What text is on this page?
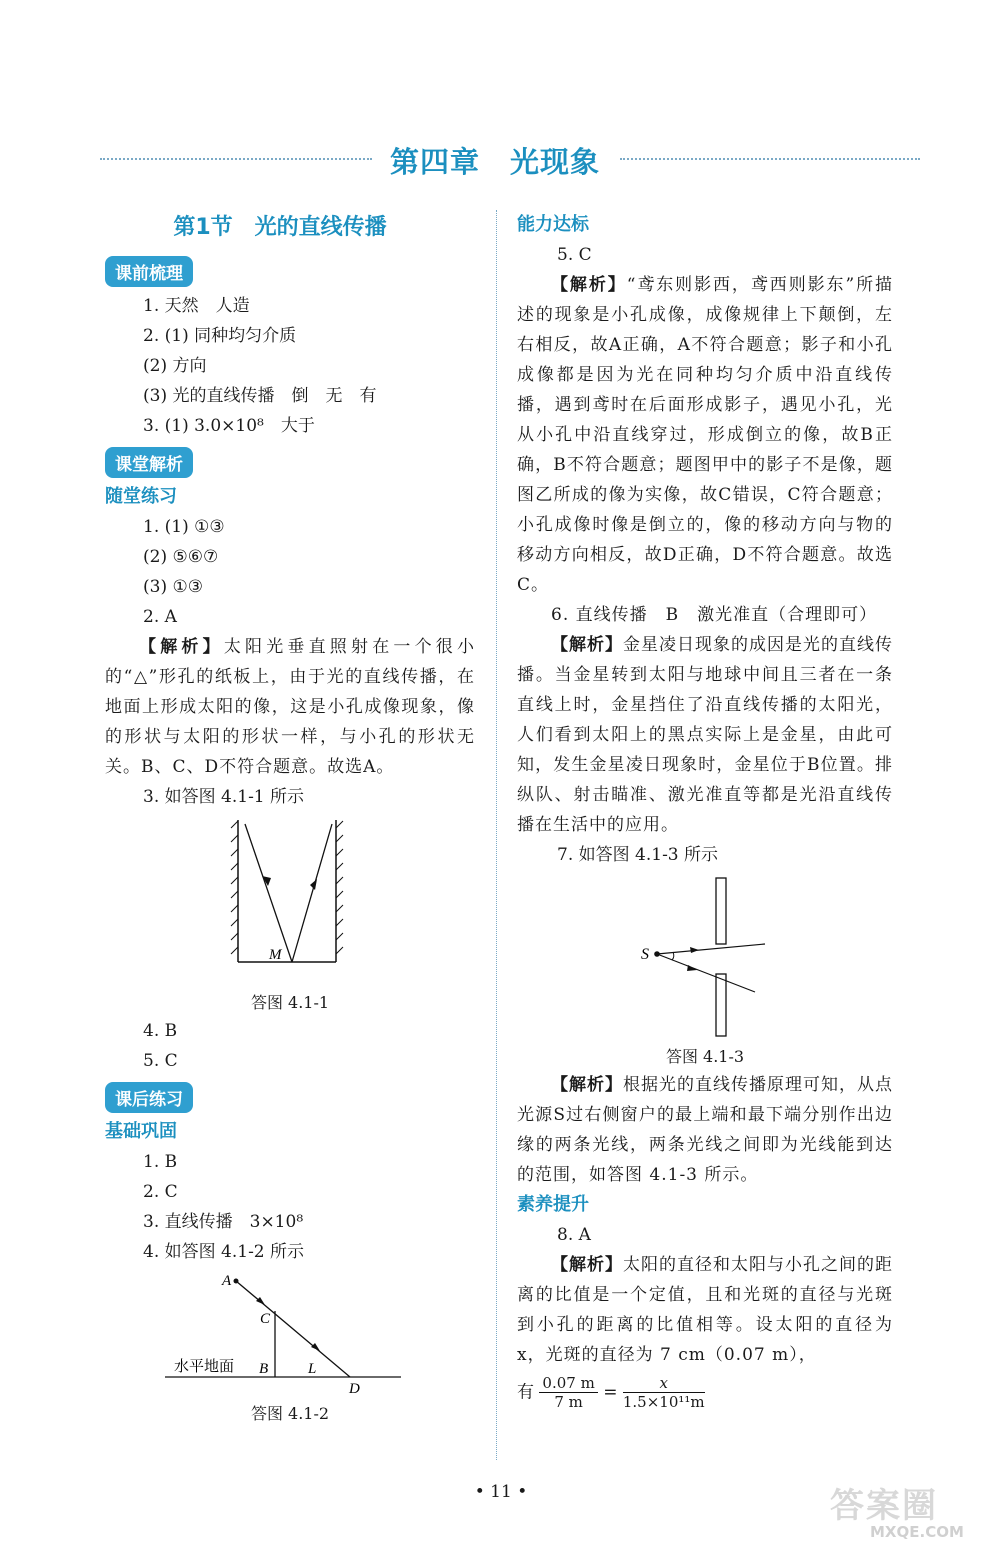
第四章　光现象
第1节　光的直线传播
课前梳理
1. 天然　人造
2. (1) 同种均匀介质
(2) 方向
(3) 光的直线传播　倒　无　有
3. (1) 3.0×10⁸　大于
课堂解析
随堂练习
1. (1) ①③
(2) ⑤⑥⑦
(3) ①③
2. A
【解析】太阳光垂直照射在一个很小的“△”形孔的纸板上，由于光的直线传播，在地面上形成太阳的像，这是小孔成像现象，像的形状与太阳的形状一样，与小孔的形状无关。B、C、D不符合题意。故选A。
3. 如答图 4.1-1 所示
M
答图 4.1-1
4. B
5. C
课后练习
基础巩固
1. B
2. C
3. 直线传播　3×10⁸
4. 如答图 4.1-2 所示
A
C
B	L
D
水平地面
答图 4.1-2
能力达标
5. C
【解析】“鸢东则影西，鸢西则影东”所描述的现象是小孔成像，成像规律上下颠倒，左右相反，故A正确，A不符合题意；影子和小孔成像都是因为光在同种均匀介质中沿直线传播，遇到鸢时在后面形成影子，遇见小孔，光从小孔中沿直线穿过，形成倒立的像，故B正确，B不符合题意；题图甲中的影子不是像，题图乙所成的像为实像，故C错误，C符合题意；小孔成像时像是倒立的，像的移动方向与物的移动方向相反，故D正确，D不符合题意。故选C。
6. 直线传播　B　激光准直（合理即可）
【解析】金星凌日现象的成因是光的直线传播。当金星转到太阳与地球中间且三者在一条直线上时，金星挡住了沿直线传播的太阳光，人们看到太阳上的黑点实际上是金星，由此可知，发生金星凌日现象时，金星位于B位置。排纵队、射击瞄准、激光准直等都是光沿直线传播在生活中的应用。
7. 如答图 4.1-3 所示
S
答图 4.1-3
【解析】根据光的直线传播原理可知，从点光源S过右侧窗户的最上端和最下端分别作出边缘的两条光线，两条光线之间即为光线能到达的范围，如答图 4.1-3 所示。
素养提升
8. A
【解析】太阳的直径和太阳与小孔之间的距离的比值是一个定值，且和光斑的直径与光斑到小孔的距离的比值相等。设太阳的直径为 x，光斑的直径为 7 cm（0.07 m），
有 $\frac{0.07 m}{7 m} = \frac{x}{\text{1.5×10¹¹m}}$
• 11 •	答案圈
MXQE.COM
